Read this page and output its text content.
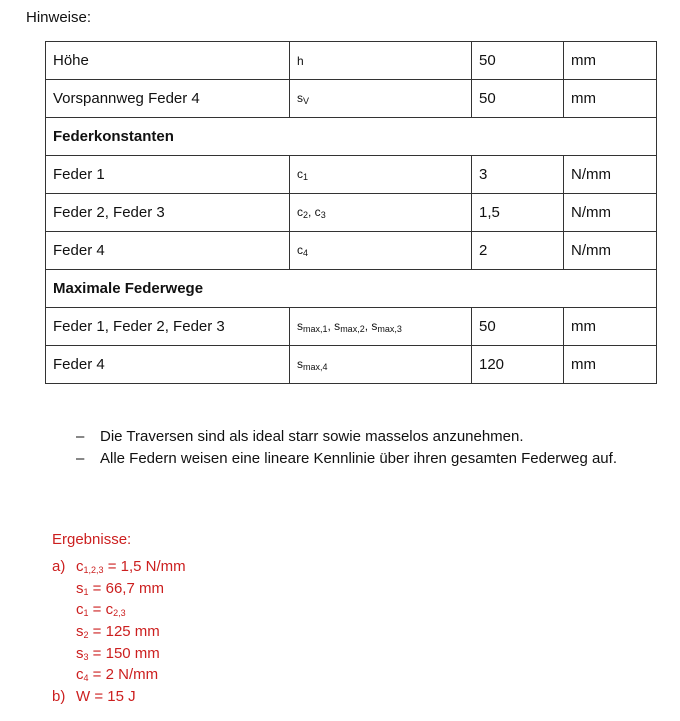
Hinweise:
Höhe	h	50	mm
Vorspannweg Feder 4	$s_V$	50	mm
Federkonstanten			
Feder 1	$c_1$	3	N/mm
Feder 2, Feder 3	$c_2$, $c_3$	1,5	N/mm
Feder 4	$c_4$	2	N/mm
Maximale Federwege			
Feder 1, Feder 2, Feder 3	$s_{max,1}$, $s_{max,2}$, $s_{max,3}$	50	mm
Feder 4	$s_{max,4}$	120	mm
– Die Traversen sind als ideal starr sowie masselos anzunehmen.
– Alle Federn weisen eine lineare Kennlinie über ihren gesamten Federweg auf.
Ergebnisse:
a) $c_{1,2,3} = 1,5$ N/mm
$s_1 = 66,7$ mm
$c_1 = c_{2,3}$
$s_2 = 125$ mm
$s_3 = 150$ mm
$c_4 = 2$ N/mm
b) W = 15 J
